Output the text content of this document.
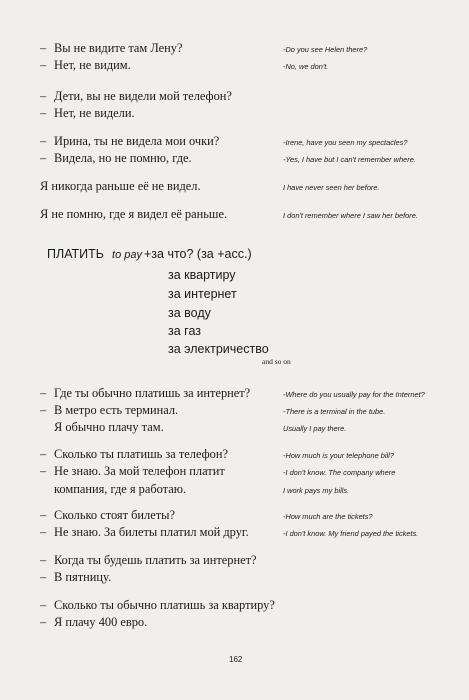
– Вы не видите там Лену?	-Do you see Helen there?
– Нет, не видим.	-No, we don't.
– Дети, вы не видели мой телефон?
– Нет, не видели.
– Ирина, ты не видела мои очки?	-Irene, have you seen my spectacles?
– Видела, но не помню, где.	-Yes, I have but I can't remember where.
Я никогда раньше её не видел.	I have never seen her before.
Я не помню, где я видел её раньше.	I don't remember where I saw her before.
ПЛАТИТЬ to pay +за что? (за +acc.)
за квартиру
за интернет
за воду
за газ
за электричество
and so on
– Где ты обычно платишь за интернет?	-Where do you usually pay for the Internet?
– В метро есть терминал.	-There is a terminal in the tube.
Я обычно плачу там.	Usually I pay there.
– Сколько ты платишь за телефон?	-How much is your telephone bill?
– Не знаю. За мой телефон платит	-I don't know. The company where
компания, где я работаю.	I work pays my bills.
– Сколько стоят билеты?	-How much are the tickets?
– Не знаю. За билеты платил мой друг.	-I don't know. My friend payed the tickets.
– Когда ты будешь платить за интернет?
– В пятницу.
– Сколько ты обычно платишь за квартиру?
– Я плачу 400 евро.
162
